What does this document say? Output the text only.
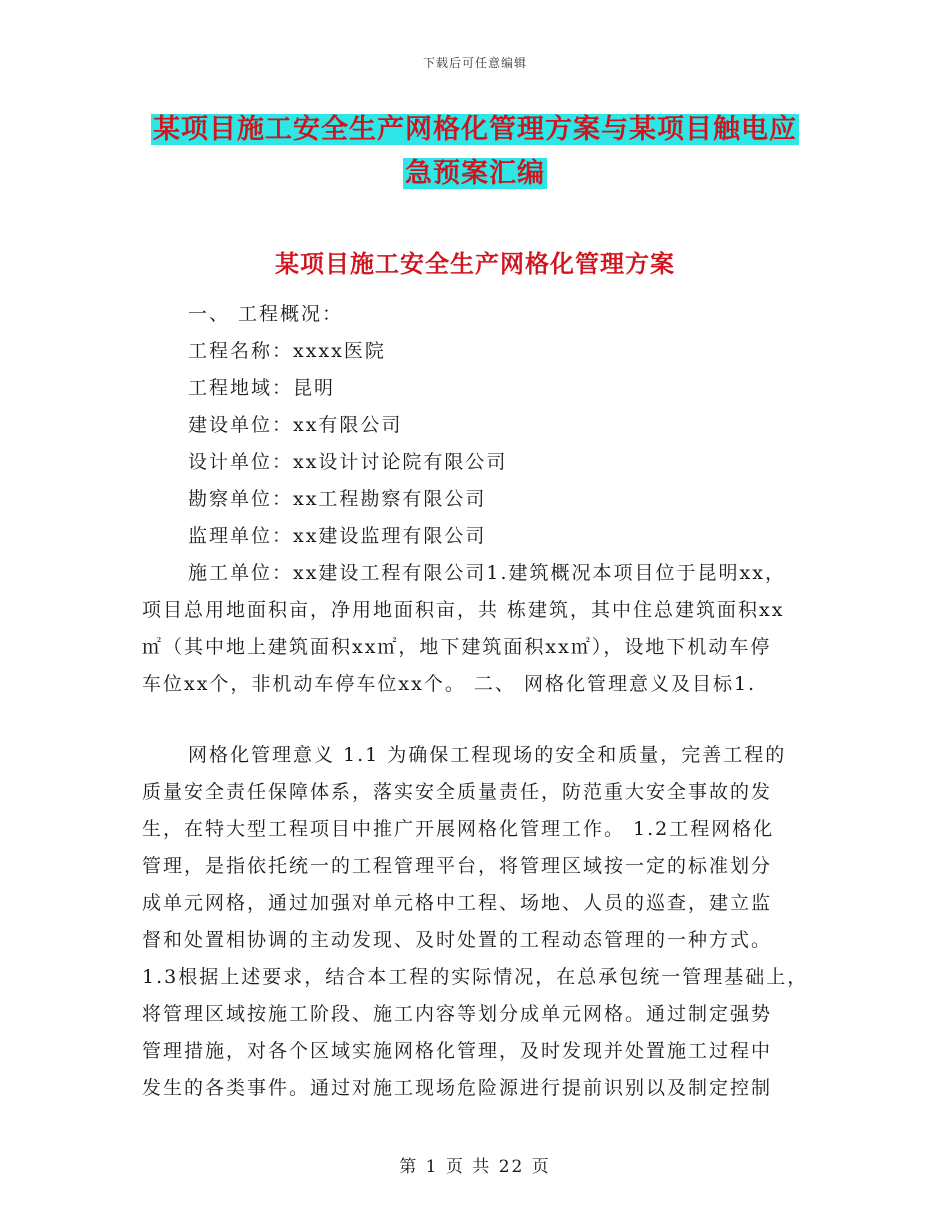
下载后可任意编辑
某项目施工安全生产网格化管理方案与某项目触电应
急预案汇编
某项目施工安全生产网格化管理方案
一、 工程概况：
工程名称：xxxx医院
工程地域：昆明
建设单位：xx有限公司
设计单位：xx设计讨论院有限公司
勘察单位：xx工程勘察有限公司
监理单位：xx建设监理有限公司
施工单位：xx建设工程有限公司1.建筑概况本项目位于昆明xx，
项目总用地面积亩，净用地面积亩，共 栋建筑，其中住总建筑面积xx
㎡（其中地上建筑面积xx㎡，地下建筑面积xx㎡），设地下机动车停
车位xx个，非机动车停车位xx个。 二、 网格化管理意义及目标1.
网格化管理意义 1.1 为确保工程现场的安全和质量，完善工程的
质量安全责任保障体系，落实安全质量责任，防范重大安全事故的发
生，在特大型工程项目中推广开展网格化管理工作。 1.2工程网格化
管理，是指依托统一的工程管理平台，将管理区域按一定的标准划分
成单元网格，通过加强对单元格中工程、场地、人员的巡查，建立监
督和处置相协调的主动发现、及时处置的工程动态管理的一种方式。
1.3根据上述要求，结合本工程的实际情况，在总承包统一管理基础上，
将管理区域按施工阶段、施工内容等划分成单元网格。通过制定强势
管理措施，对各个区域实施网格化管理，及时发现并处置施工过程中
发生的各类事件。通过对施工现场危险源进行提前识别以及制定控制
第 1 页 共 22 页
